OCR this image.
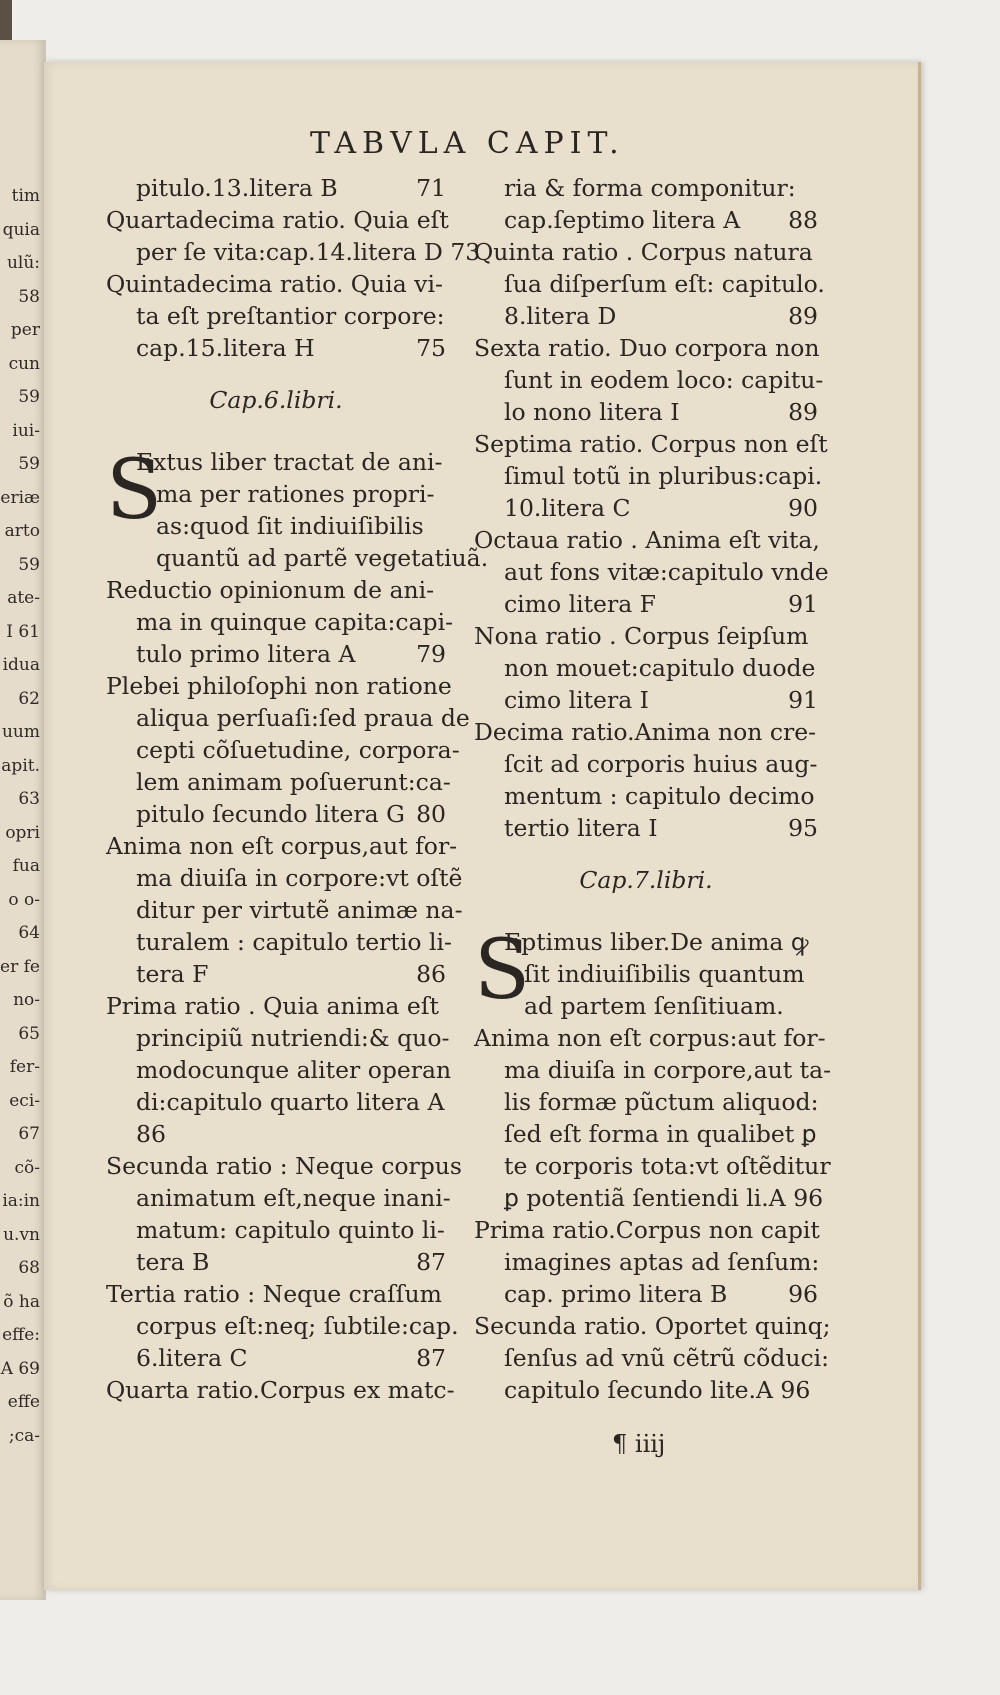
tim
quia
ulũ:
58
per
cun
59
iui-
59
eriæ
arto
59
ate-
I 61
idua
62
uum
apit.
63
opri
fua
o o-
64
er fe
no-
65
fer-
eci-
67
cõ-
ia:in
u.vn
68
õ ha
effe:
A 69
effe
;ca-
TABVLA CAPIT.
pitulo.13.litera B	71
Quartadecima ratio. Quia eſt
per ſe vita:cap.14.litera D 73
Quintadecima ratio. Quia vi-
ta eſt preſtantior corpore:
cap.15.litera H	75
Cap.6.libri.
S
Extus liber tractat de ani-
ma per rationes propri-
as:quod ſit indiuiſibilis
quantũ ad partẽ vegetatiuã.
Reductio opinionum de ani-
ma in quinque capita:capi-
tulo primo litera A	79
Plebei philoſophi non ratione
aliqua perſuaſi:ſed praua de
cepti cõſuetudine, corpora-
lem animam poſuerunt:ca-
pitulo ſecundo litera G 80
Anima non eſt corpus,aut for-
ma diuiſa in corpore:vt oſtẽ
ditur per virtutẽ animæ na-
turalem : capitulo tertio li-
tera F	86
Prima ratio . Quia anima eſt
principiũ nutriendi:& quo-
modocunque aliter operan
di:capitulo quarto litera A
86
Secunda ratio : Neque corpus
animatum eſt,neque inani-
matum: capitulo quinto li-
tera B	87
Tertia ratio : Neque craſſum
corpus eſt:neq; ſubtile:cap.
6.litera C	87
Quarta ratio.Corpus ex matc-
ria & forma componitur:
cap.ſeptimo litera A 88
Quinta ratio . Corpus natura
ſua diſperſum eſt: capitulo.
8.litera D	89
Sexta ratio. Duo corpora non
ſunt in eodem loco: capitu-
lo nono litera I	89
Septima ratio. Corpus non eſt
ſimul totũ in pluribus:capi.
10.litera C	90
Octaua ratio . Anima eſt vita,
aut fons vitæ:capitulo vnde
cimo litera F	91
Nona ratio . Corpus ſeipſum
non mouet:capitulo duode
cimo litera I	91
Decima ratio.Anima non cre-
ſcit ad corporis huius aug-
mentum : capitulo decimo
tertio litera I	95
Cap.7.libri.
S
Eptimus liber.De anima ꝙ
ſit indiuiſibilis quantum
ad partem ſenſitiuam.
Anima non eſt corpus:aut for-
ma diuiſa in corpore,aut ta-
lis formæ pũctum aliquod:
ſed eſt forma in qualibet ꝑ
te corporis tota:vt oſtẽditur
ꝑ potentiã ſentiendi li.A 96
Prima ratio.Corpus non capit
imagines aptas ad ſenſum:
cap. primo litera B	96
Secunda ratio. Oportet quinq;
ſenſus ad vnũ cẽtrũ cõduci:
capitulo ſecundo lite.A 96
¶ iiij
